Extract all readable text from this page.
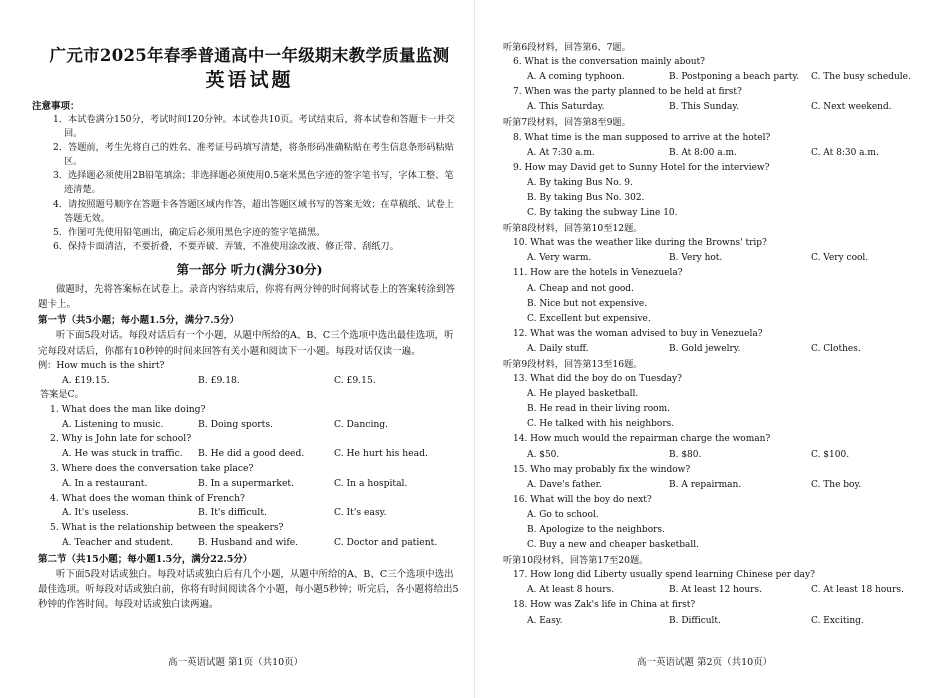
广元市2025年春季普通高中一年级期末教学质量监测
英语试题
注意事项：
1．本试卷满分150分，考试时间120分钟。本试卷共10页。考试结束后，将本试卷和答题卡一并交回。
2．答题前，考生先将自己的姓名、准考证号码填写清楚，将条形码准确粘贴在考生信息条形码粘贴区。
3．选择题必须使用2B铅笔填涂；非选择题必须使用0.5毫米黑色字迹的签字笔书写，字体工整、笔迹清楚。
4．请按照题号顺序在答题卡各答题区域内作答，超出答题区域书写的答案无效；在草稿纸、试卷上答题无效。
5．作图可先使用铅笔画出，确定后必须用黑色字迹的签字笔描黑。
6．保持卡面清洁，不要折叠，不要弄破、弄皱，不准使用涂改液、修正带、刮纸刀。
第一部分 听力(满分30分)

做题时，先将答案标在试卷上。录音内容结束后，你将有两分钟的时间将试卷上的答案转涂到答题卡上。

第一节（共5小题；每小题1.5分，满分7.5分）

听下面5段对话。每段对话后有一个小题，从题中所给的A、B、C三个选项中选出最佳选项，听完每段对话后，你都有10秒钟的时间来回答有关小题和阅读下一小题。每段对话仅读一遍。

例：How much is the shirt?
A. £19.15.	B. £9.18.	C. £9.15.
答案是C。
1. What does the man like doing?
A. Listening to music.	B. Doing sports.	C. Dancing.
2. Why is John late for school?
A. He was stuck in traffic.	B. He did a good deed.	C. He hurt his head.
3. Where does the conversation take place?
A. In a restaurant.	B. In a supermarket.	C. In a hospital.
4. What does the woman think of French?
A. It's useless.	B. It's difficult.	C. It's easy.
5. What is the relationship between the speakers?
A. Teacher and student.	B. Husband and wife.	C. Doctor and patient.
第二节（共15小题；每小题1.5分，满分22.5分）

听下面5段对话或独白。每段对话或独白后有几个小题，从题中所给的A、B、C三个选项中选出最佳选项。听每段对话或独白前，你将有时间阅读各个小题，每小题5秒钟；听完后，各小题将给出5秒钟的作答时间。每段对话或独白读两遍。

高一英语试题 第1页（共10页）
听第6段材料，回答第6、7题。
6. What is the conversation mainly about?
A. A coming typhoon.	B. Postponing a beach party.	C. The busy schedule.
7. When was the party planned to be held at first?
A. This Saturday.	B. This Sunday.	C. Next weekend.
听第7段材料，回答第8至9题。
8. What time is the man supposed to arrive at the hotel?
A. At 7:30 a.m.	B. At 8:00 a.m.	C. At 8:30 a.m.
9. How may David get to Sunny Hotel for the interview?
A. By taking Bus No. 9.
B. By taking Bus No. 302.
C. By taking the subway Line 10.
听第8段材料，回答第10至12题。
10. What was the weather like during the Browns' trip?
A. Very warm.	B. Very hot.	C. Very cool.
11. How are the hotels in Venezuela?
A. Cheap and not good.
B. Nice but not expensive.
C. Excellent but expensive.
12. What was the woman advised to buy in Venezuela?
A. Daily stuff.	B. Gold jewelry.	C. Clothes.
听第9段材料，回答第13至16题。
13. What did the boy do on Tuesday?
A. He played basketball.
B. He read in their living room.
C. He talked with his neighbors.
14. How much would the repairman charge the woman?
A. $50.	B. $80.	C. $100.
15. Who may probably fix the window?
A. Dave's father.	B. A repairman.	C. The boy.
16. What will the boy do next?
A. Go to school.
B. Apologize to the neighbors.
C. Buy a new and cheaper basketball.
听第10段材料，回答第17至20题。
17. How long did Liberty usually spend learning Chinese per day?
A. At least 8 hours.	B. At least 12 hours.	C. At least 18 hours.
18. How was Zak's life in China at first?
A. Easy.	B. Difficult.	C. Exciting.
高一英语试题 第2页（共10页）
